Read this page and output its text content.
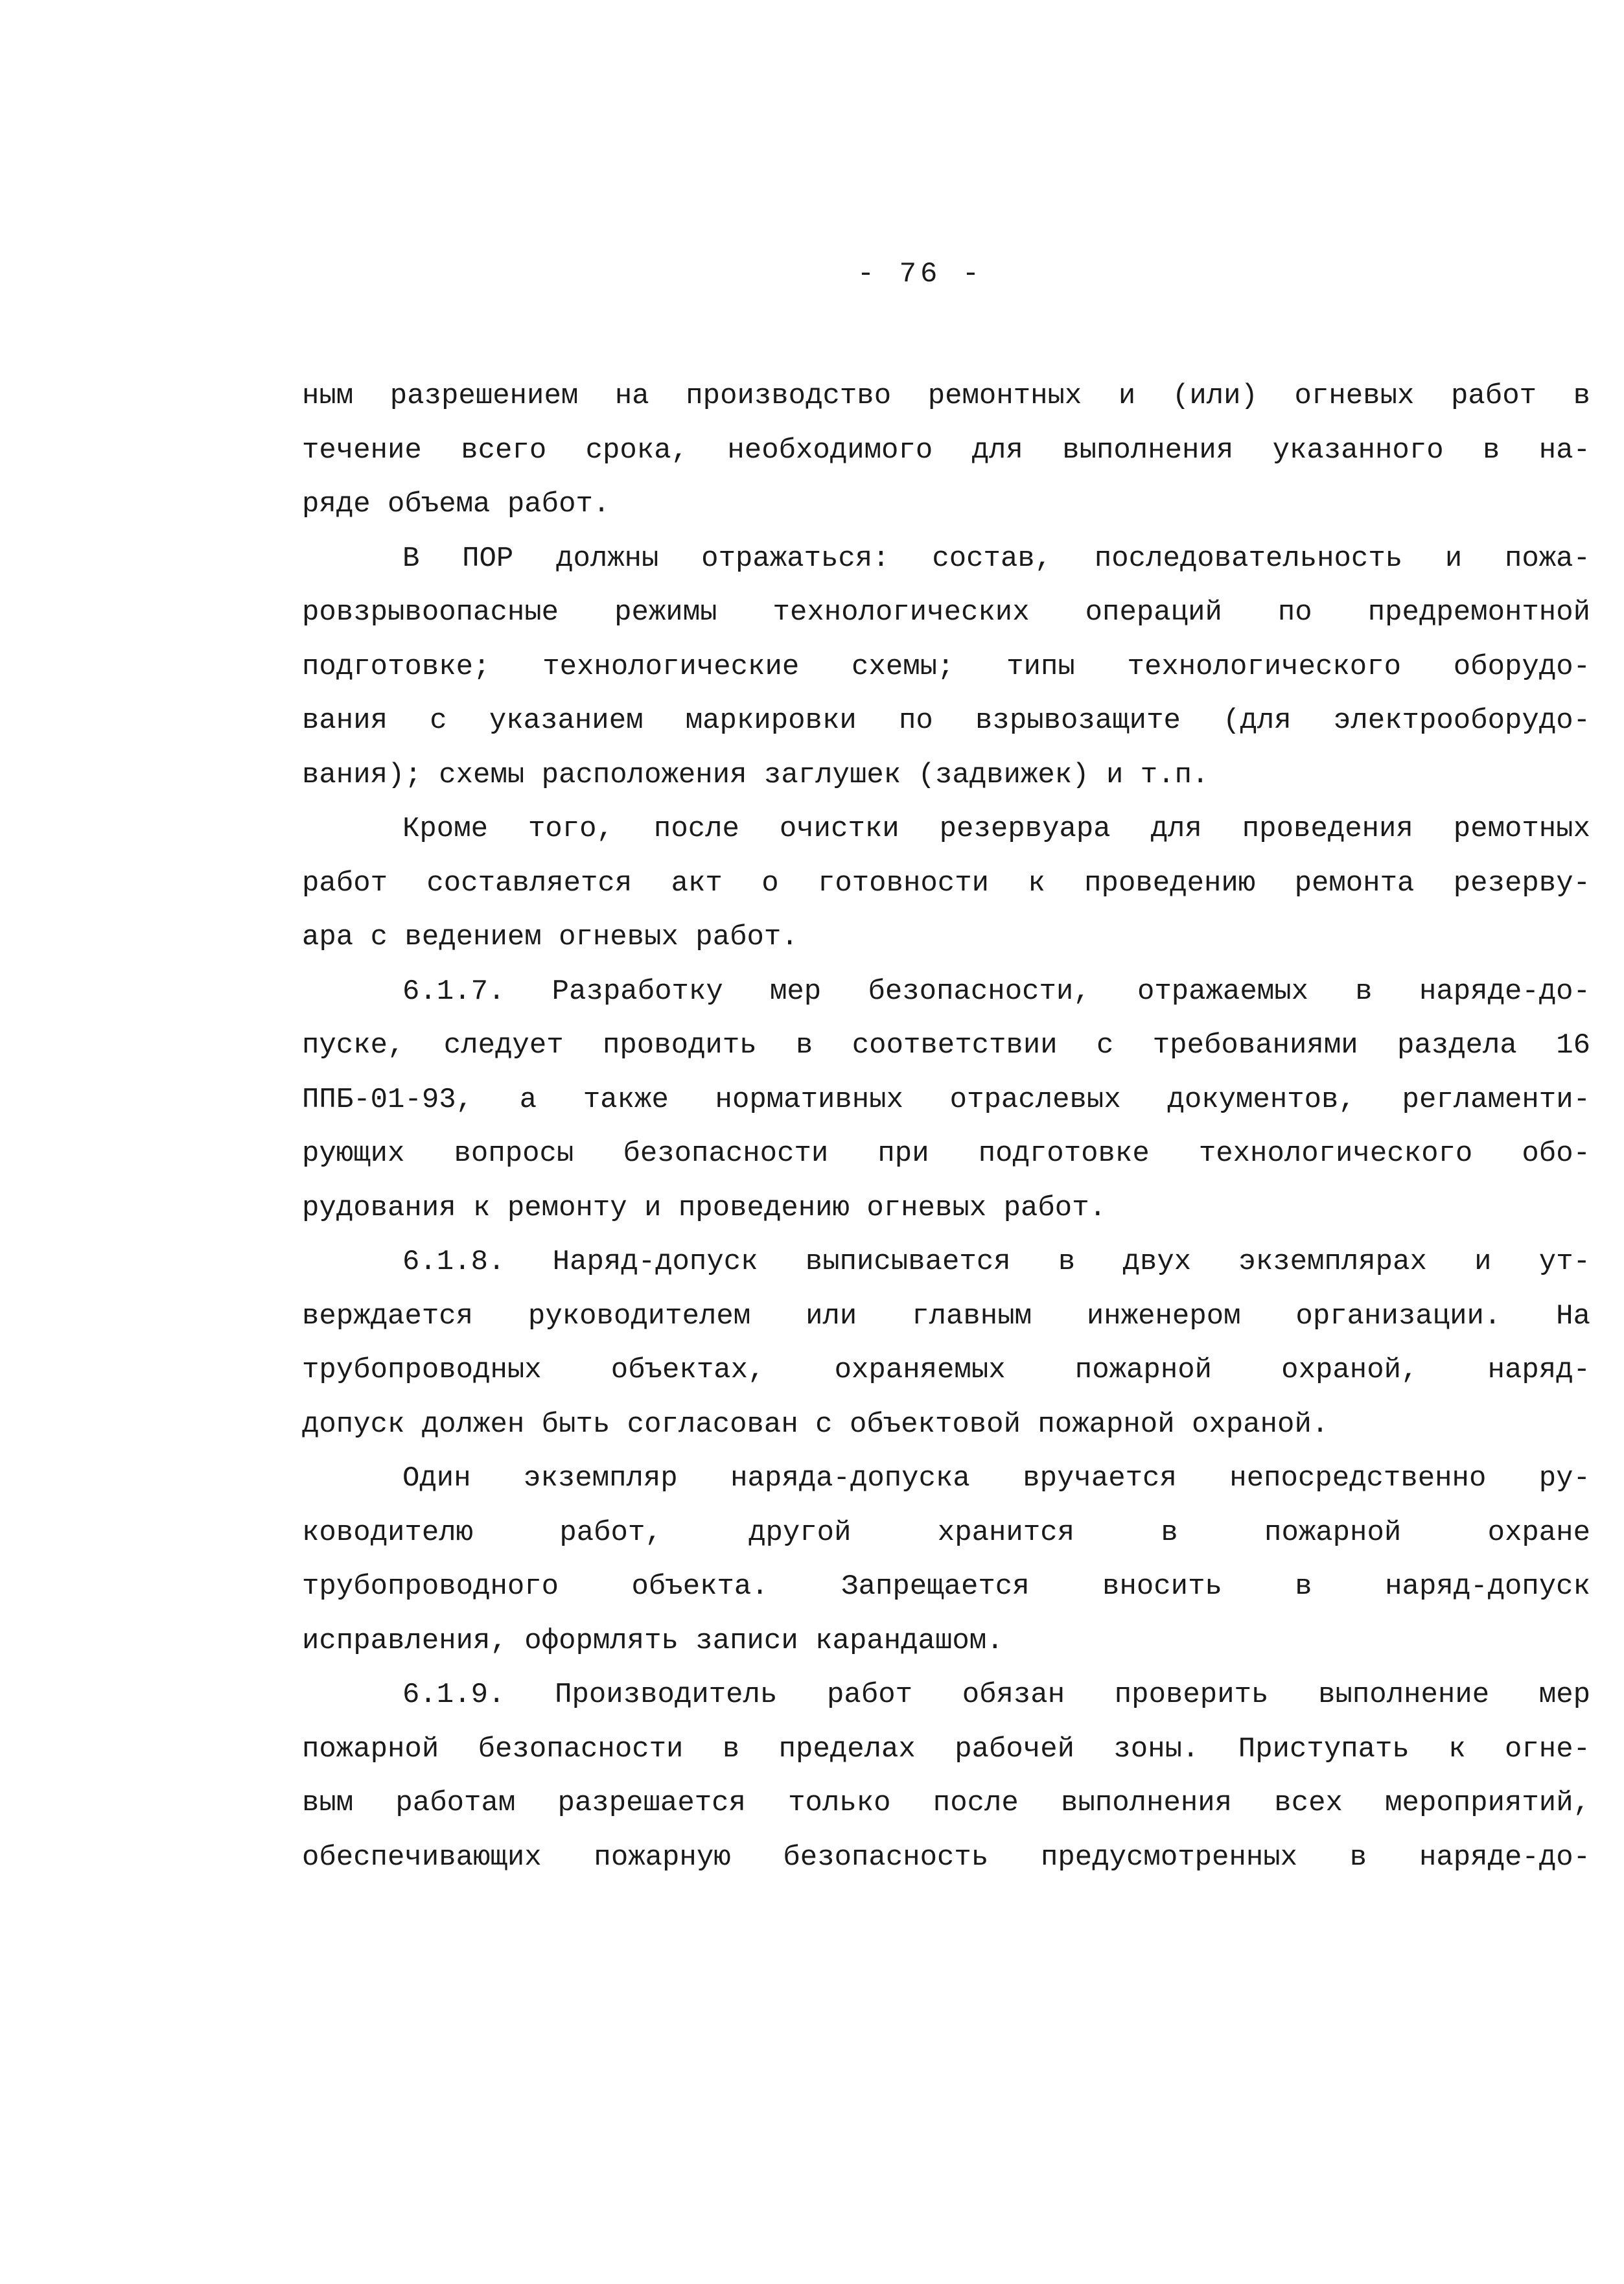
- 76 -
ным разрешением на производство ремонтных и (или) огневых работ в
течение всего срока, необходимого для выполнения указанного в на-
ряде объема работ.
В ПОР должны отражаться: состав, последовательность и пожа-
ровзрывоопасные режимы технологических операций по предремонтной
подготовке; технологические схемы; типы технологического оборудо-
вания с указанием маркировки по взрывозащите (для электрооборудо-
вания); схемы расположения заглушек (задвижек) и т.п.
Кроме того, после очистки резервуара для проведения ремотных
работ составляется акт о готовности к проведению ремонта резерву-
ара с ведением огневых работ.
6.1.7. Разработку мер безопасности, отражаемых в наряде-до-
пуске, следует проводить в соответствии с требованиями раздела 16
ППБ-01-93, а также нормативных отраслевых документов, регламенти-
рующих вопросы безопасности при подготовке технологического обо-
рудования к ремонту и проведению огневых работ.
6.1.8. Наряд-допуск выписывается в двух экземплярах и ут-
верждается руководителем или главным инженером организации. На
трубопроводных объектах, охраняемых пожарной охраной, наряд-
допуск должен быть согласован с объектовой пожарной охраной.
Один экземпляр наряда-допуска вручается непосредственно ру-
ководителю работ, другой хранится в пожарной охране
трубопроводного объекта. Запрещается вносить в наряд-допуск
исправления, оформлять записи карандашом.
6.1.9. Производитель работ обязан проверить выполнение мер
пожарной безопасности в пределах рабочей зоны. Приступать к огне-
вым работам разрешается только после выполнения всех мероприятий,
обеспечивающих пожарную безопасность предусмотренных в наряде-до-
